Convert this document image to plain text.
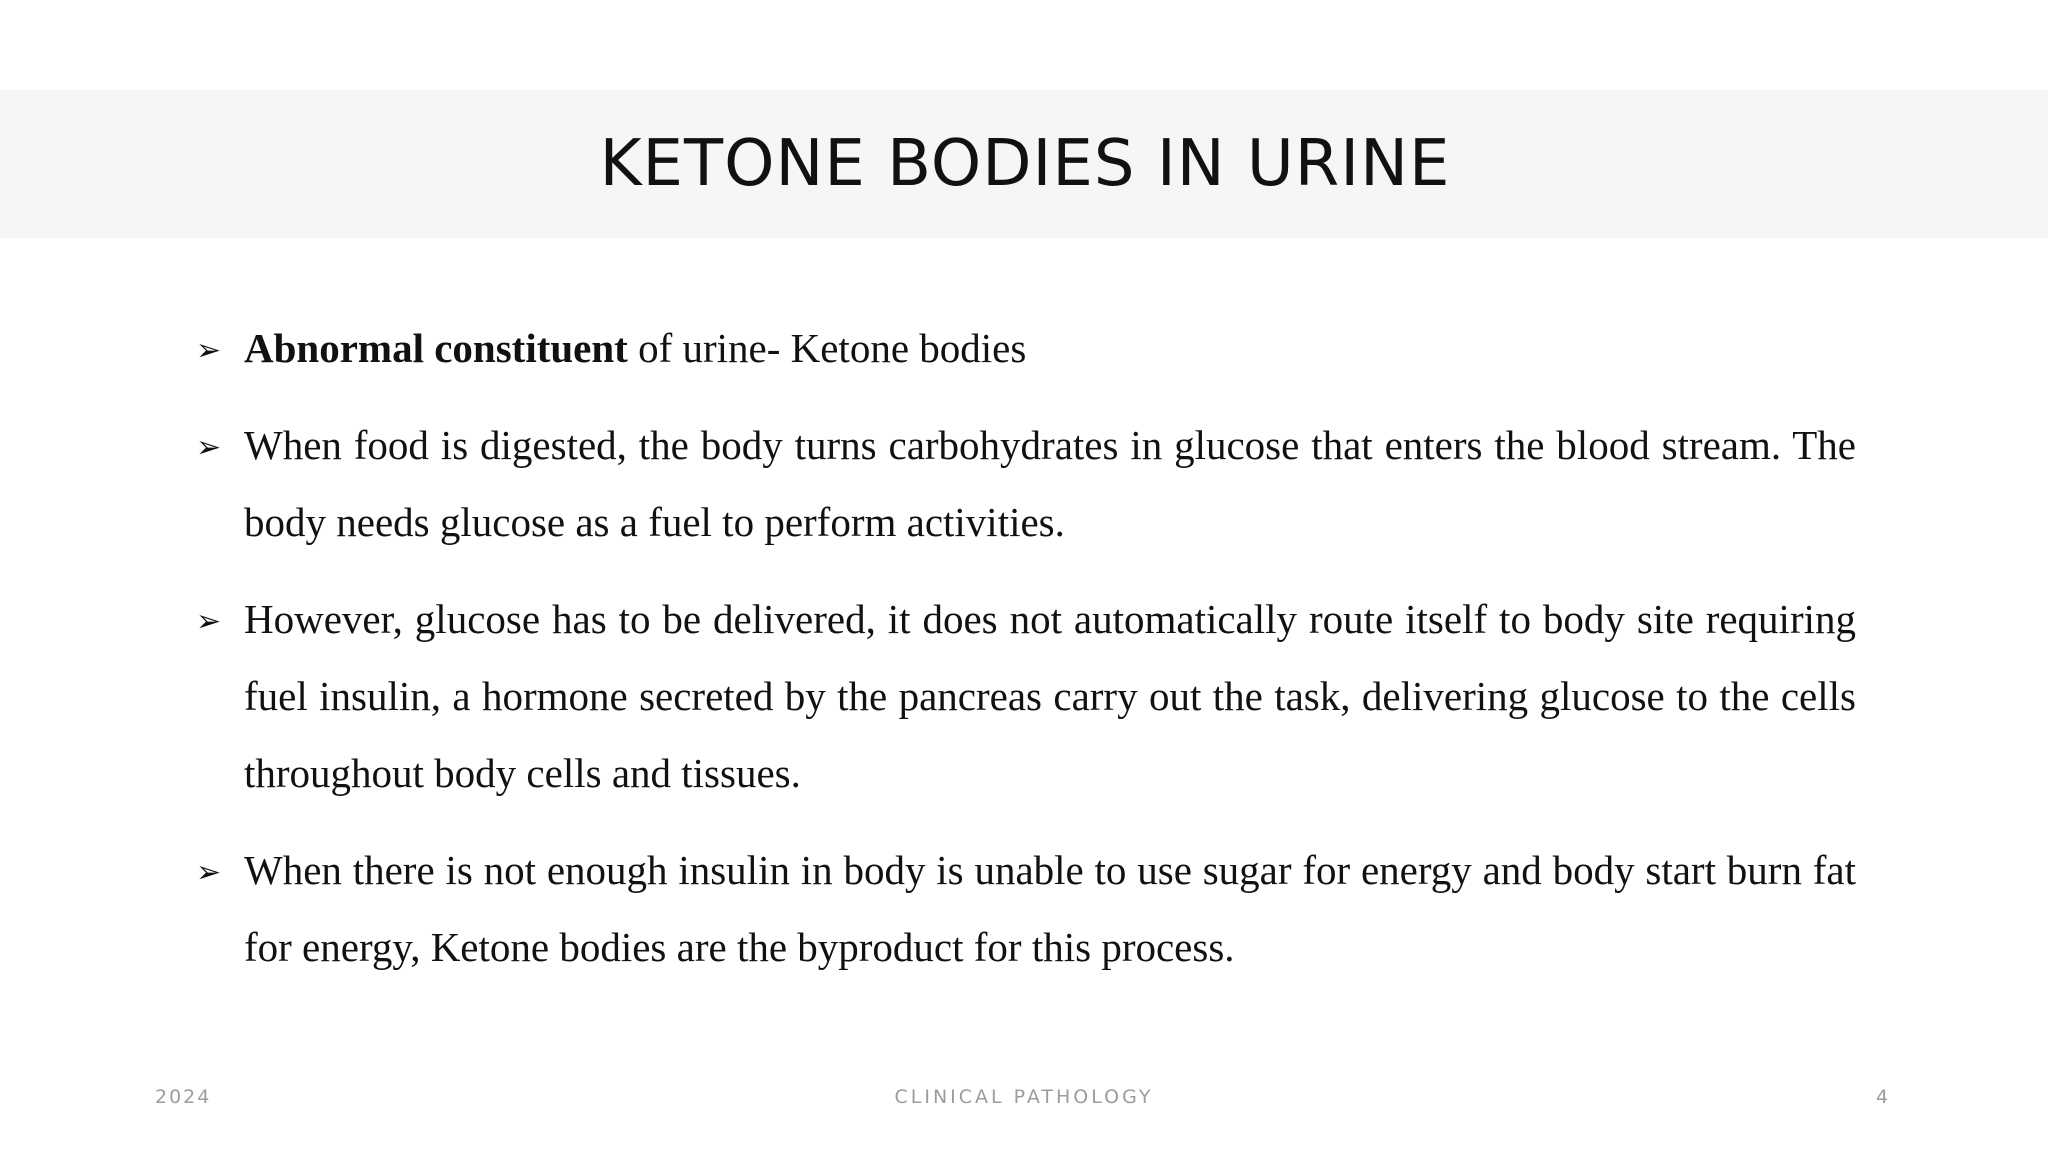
KETONE BODIES IN URINE
➢ Abnormal constituent of urine- Ketone bodies
➢ When food is digested, the body turns carbohydrates in glucose that enters the blood stream. The body needs glucose as a fuel to perform activities.
➢ However, glucose has to be delivered, it does not automatically route itself to body site requiring fuel insulin, a hormone secreted by the pancreas carry out the task, delivering glucose to the cells throughout body cells and tissues.
➢ When there is not enough insulin in body is unable to use sugar for energy and body start burn fat for energy, Ketone bodies are the byproduct for this process.
2024	CLINICAL PATHOLOGY	4
